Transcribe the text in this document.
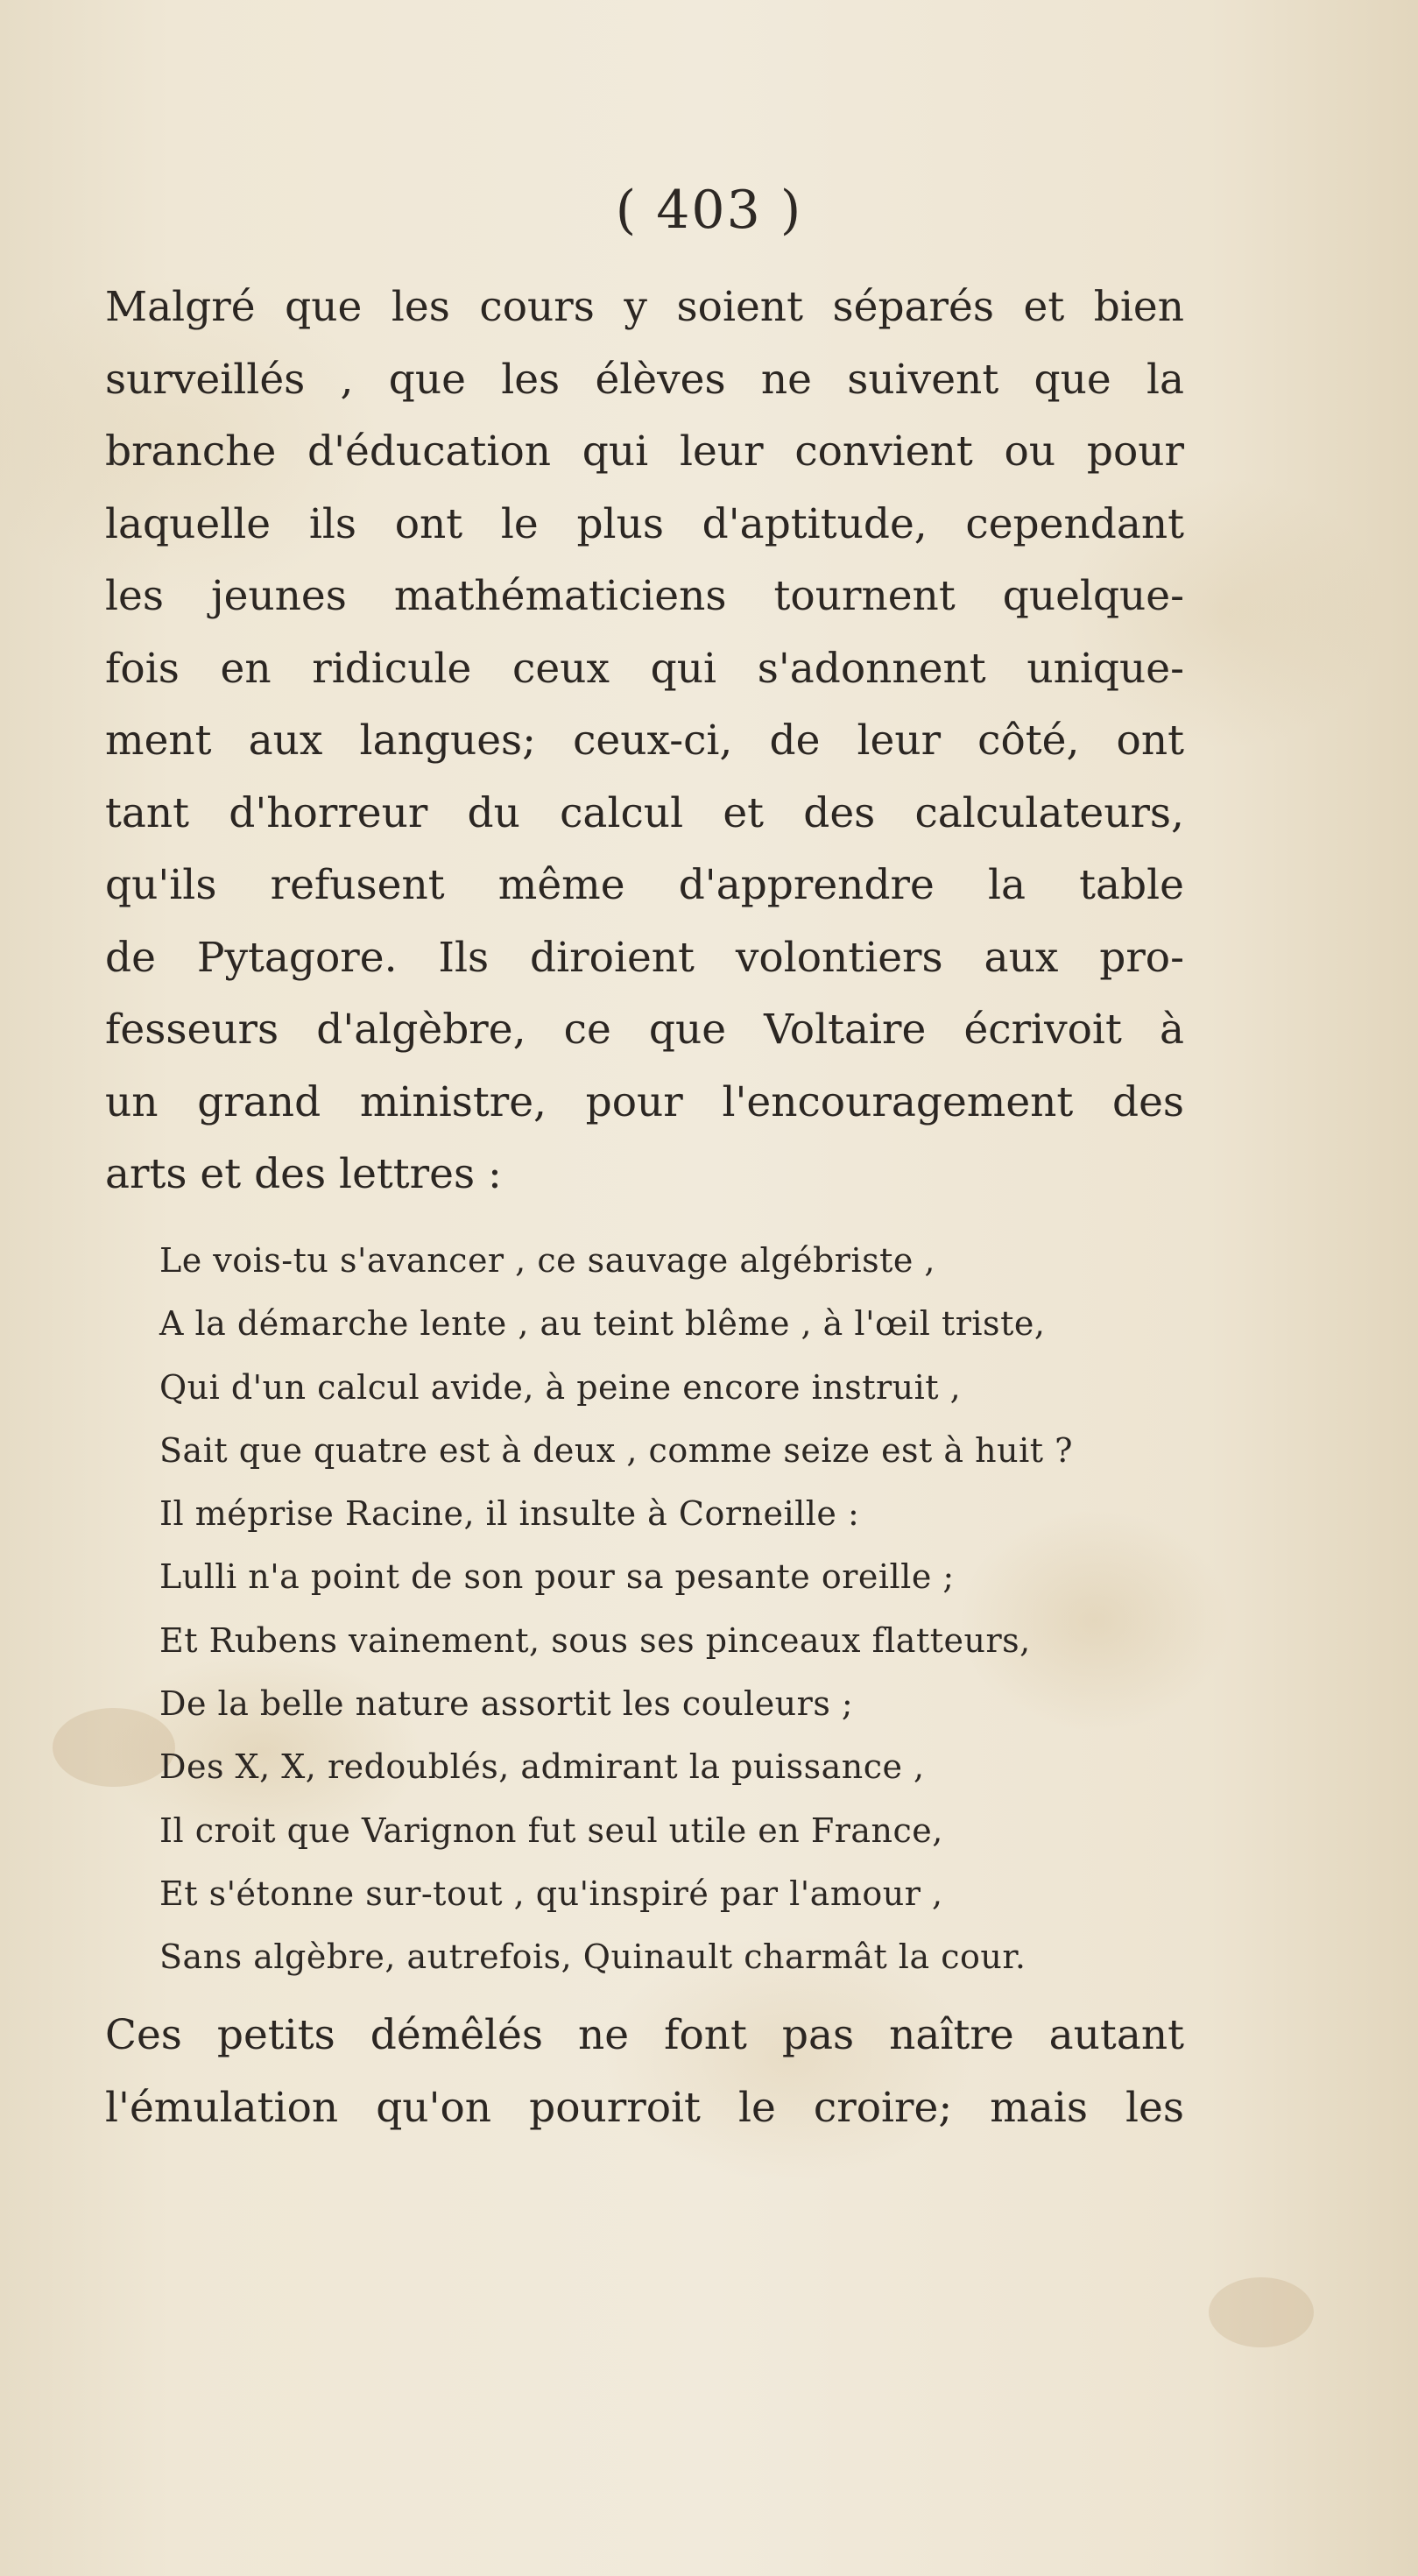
( 403 )
Malgré que les cours y soient séparés et bien
surveillés , que les élèves ne suivent que la
branche d'éducation qui leur convient ou pour
laquelle ils ont le plus d'aptitude, cependant
les jeunes mathématiciens tournent quelque-
fois en ridicule ceux qui s'adonnent unique-
ment aux langues; ceux-ci, de leur côté, ont
tant d'horreur du calcul et des calculateurs,
qu'ils refusent même d'apprendre la table
de Pytagore. Ils diroient volontiers aux pro-
fesseurs d'algèbre, ce que Voltaire écrivoit à
un grand ministre, pour l'encouragement des
arts et des lettres :
Le vois-tu s'avancer , ce sauvage algébriste ,
A la démarche lente , au teint blême , à l'œil triste,
Qui d'un calcul avide, à peine encore instruit ,
Sait que quatre est à deux , comme seize est à huit ?
Il méprise Racine, il insulte à Corneille :
Lulli n'a point de son pour sa pesante oreille ;
Et Rubens vainement, sous ses pinceaux flatteurs,
De la belle nature assortit les couleurs ;
Des X, X, redoublés, admirant la puissance ,
Il croit que Varignon fut seul utile en France,
Et s'étonne sur-tout , qu'inspiré par l'amour ,
Sans algèbre, autrefois, Quinault charmât la cour.
Ces petits démêlés ne font pas naître autant
l'émulation qu'on pourroit le croire; mais les
